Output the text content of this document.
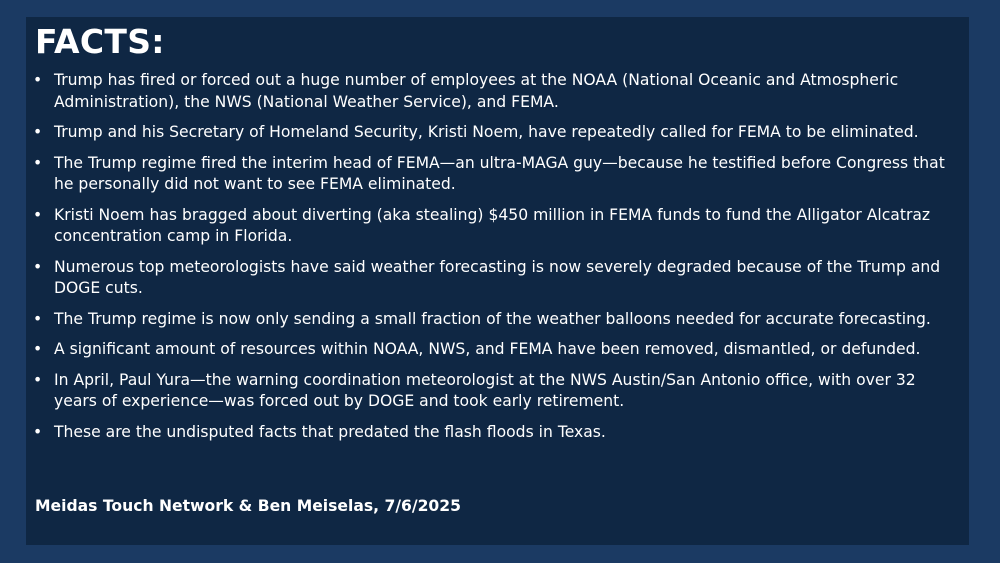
FACTS:
• Trump has fired or forced out a huge number of employees at the NOAA (National Oceanic and Atmospheric Administration), the NWS (National Weather Service), and FEMA.
• Trump and his Secretary of Homeland Security, Kristi Noem, have repeatedly called for FEMA to be eliminated.
• The Trump regime fired the interim head of FEMA—an ultra-MAGA guy—because he testified before Congress that he personally did not want to see FEMA eliminated.
• Kristi Noem has bragged about diverting (aka stealing) $450 million in FEMA funds to fund the Alligator Alcatraz concentration camp in Florida.
• Numerous top meteorologists have said weather forecasting is now severely degraded because of the Trump and DOGE cuts.
• The Trump regime is now only sending a small fraction of the weather balloons needed for accurate forecasting.
• A significant amount of resources within NOAA, NWS, and FEMA have been removed, dismantled, or defunded.
• In April, Paul Yura—the warning coordination meteorologist at the NWS Austin/San Antonio office, with over 32 years of experience—was forced out by DOGE and took early retirement.
• These are the undisputed facts that predated the flash floods in Texas.

Meidas Touch Network & Ben Meiselas, 7/6/2025
